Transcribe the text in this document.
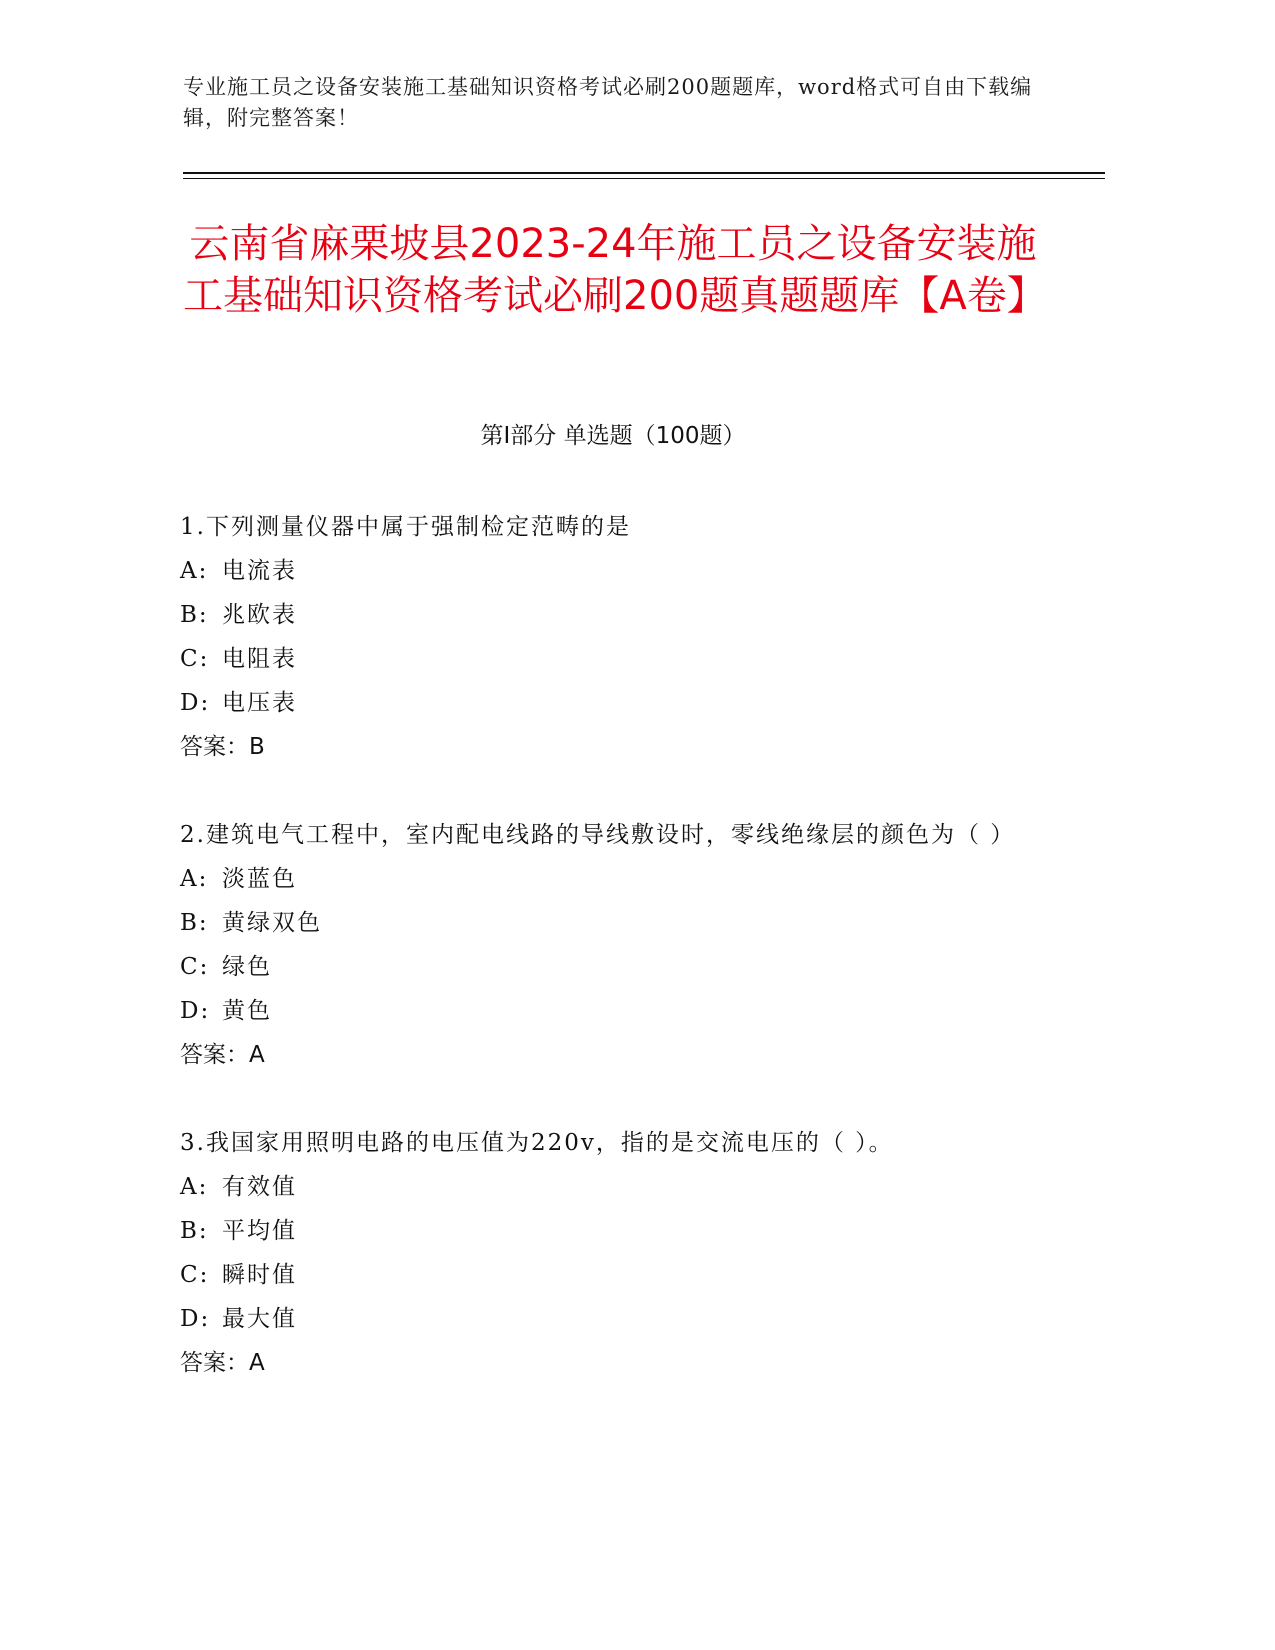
专业施工员之设备安装施工基础知识资格考试必刷200题题库，word格式可自由下载编辑，附完整答案！
云南省麻栗坡县2023-24年施工员之设备安装施工基础知识资格考试必刷200题真题题库【A卷】
第Ⅰ部分 单选题（100题）
1.下列测量仪器中属于强制检定范畴的是
A: 电流表
B: 兆欧表
C: 电阻表
D: 电压表
答案：B
2.建筑电气工程中，室内配电线路的导线敷设时，零线绝缘层的颜色为（ ）
A: 淡蓝色
B: 黄绿双色
C: 绿色
D: 黄色
答案：A
3.我国家用照明电路的电压值为220v，指的是交流电压的（ ）。
A: 有效值
B: 平均值
C: 瞬时值
D: 最大值
答案：A
